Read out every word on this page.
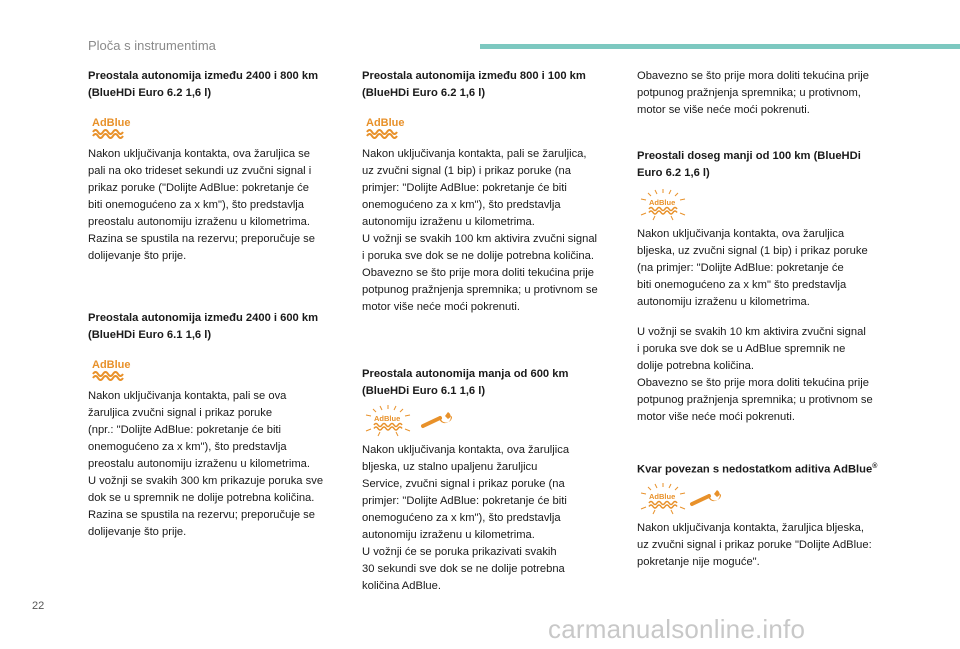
Ploča s instrumentima

Preostala autonomija između 2400 i 800 km
(BlueHDi Euro 6.2 1,6 l)

AdBlue

Nakon uključivanja kontakta, ova žaruljica se
pali na oko trideset sekundi uz zvučni signal i
prikaz poruke ("Dolijte AdBlue: pokretanje će
biti onemogućeno za x km"), što predstavlja
preostalu autonomiju izraženu u kilometrima.
Razina se spustila na rezervu; preporučuje se
dolijevanje što prije.

Preostala autonomija između 2400 i 600 km
(BlueHDi Euro 6.1 1,6 l)

AdBlue

Nakon uključivanja kontakta, pali se ova
žaruljica zvučni signal i prikaz poruke
(npr.: "Dolijte AdBlue: pokretanje će biti
onemogućeno za x km"), što predstavlja
preostalu autonomiju izraženu u kilometrima.
U vožnji se svakih 300 km prikazuje poruka sve
dok se u spremnik ne dolije potrebna količina.
Razina se spustila na rezervu; preporučuje se
dolijevanje što prije.

Preostala autonomija između 800 i 100 km
(BlueHDi Euro 6.2 1,6 l)

AdBlue

Nakon uključivanja kontakta, pali se žaruljica,
uz zvučni signal (1 bip) i prikaz poruke (na
primjer: "Dolijte AdBlue: pokretanje će biti
onemogućeno za x km"), što predstavlja
autonomiju izraženu u kilometrima.
U vožnji se svakih 100 km aktivira zvučni signal
i poruka sve dok se ne dolije potrebna količina.
Obavezno se što prije mora doliti tekućina prije
potpunog pražnjenja spremnika; u protivnom se
motor više neće moći pokrenuti.

Preostala autonomija manja od 600 km
(BlueHDi Euro 6.1 1,6 l)

AdBlue

Nakon uključivanja kontakta, ova žaruljica
bljeska, uz stalno upaljenu žaruljicu
Service, zvučni signal i prikaz poruke (na
primjer: "Dolijte AdBlue: pokretanje će biti
onemogućeno za x km"), što predstavlja
autonomiju izraženu u kilometrima.
U vožnji će se poruka prikazivati svakih
30 sekundi sve dok se ne dolije potrebna
količina AdBlue.

Obavezno se što prije mora doliti tekućina prije
potpunog pražnjenja spremnika; u protivnom,
motor se više neće moći pokrenuti.

Preostali doseg manji od 100 km (BlueHDi
Euro 6.2 1,6 l)

AdBlue

Nakon uključivanja kontakta, ova žaruljica
bljeska, uz zvučni signal (1 bip) i prikaz poruke
(na primjer: "Dolijte AdBlue: pokretanje će
biti onemogućeno za x km" što predstavlja
autonomiju izraženu u kilometrima.

U vožnji se svakih 10 km aktivira zvučni signal
i poruka sve dok se u AdBlue spremnik ne
dolije potrebna količina.
Obavezno se što prije mora doliti tekućina prije
potpunog pražnjenja spremnika; u protivnom se
motor više neće moći pokrenuti.

Kvar povezan s nedostatkom aditiva AdBlue®

AdBlue

Nakon uključivanja kontakta, žaruljica bljeska,
uz zvučni signal i prikaz poruke "Dolijte AdBlue:
pokretanje nije moguće".

22
carmanualsonline.info
